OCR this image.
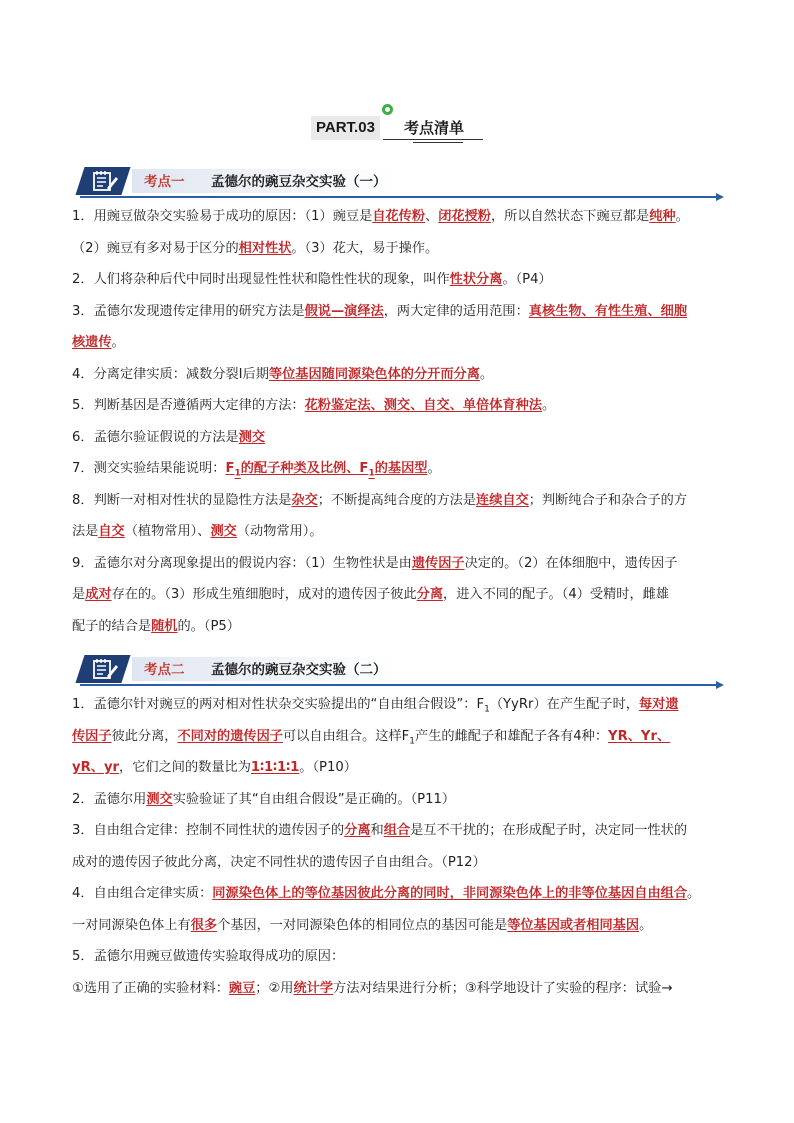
PART.03	考点清单
考点一 孟德尔的豌豆杂交实验（一）

1．用豌豆做杂交实验易于成功的原因：（1）豌豆是自花传粉、闭花授粉，所以自然状态下豌豆都是纯种。

（2）豌豆有多对易于区分的相对性状。（3）花大，易于操作。

2．人们将杂种后代中同时出现显性性状和隐性性状的现象，叫作性状分离。（P4）

3．孟德尔发现遗传定律用的研究方法是假说—演绎法，两大定律的适用范围：真核生物、有性生殖、细胞

核遗传。

4．分离定律实质：减数分裂Ⅰ后期等位基因随同源染色体的分开而分离。

5．判断基因是否遵循两大定律的方法：花粉鉴定法、测交、自交、单倍体育种法。

6．孟德尔验证假说的方法是测交

7．测交实验结果能说明：$F_1$的配子种类及比例、$F_1$的基因型。

8．判断一对相对性状的显隐性方法是杂交；不断提高纯合度的方法是连续自交；判断纯合子和杂合子的方

法是自交（植物常用）、测交（动物常用）。

9．孟德尔对分离现象提出的假说内容：（1）生物性状是由遗传因子决定的。（2）在体细胞中，遗传因子

是成对存在的。（3）形成生殖细胞时，成对的遗传因子彼此分离，进入不同的配子。（4）受精时，雌雄

配子的结合是随机的。（P5）

考点二 孟德尔的豌豆杂交实验（二）

1．孟德尔针对豌豆的两对相对性状杂交实验提出的“自由组合假设”：$F_1(YyRr)$在产生配子时，每对遗

传因子彼此分离，不同对的遗传因子可以自由组合。这样$F_1$产生的雌配子和雄配子各有4种：YR、Yr、

yR、yr，它们之间的数量比为1∶1∶1∶1。（P10）

2．孟德尔用测交实验验证了其“自由组合假设”是正确的。（P11）

3．自由组合定律：控制不同性状的遗传因子的分离和组合是互不干扰的；在形成配子时，决定同一性状的

成对的遗传因子彼此分离，决定不同性状的遗传因子自由组合。（P12）

4．自由组合定律实质：同源染色体上的等位基因彼此分离的同时，非同源染色体上的非等位基因自由组合。

一对同源染色体上有很多个基因，一对同源染色体的相同位点的基因可能是等位基因或者相同基因。

5．孟德尔用豌豆做遗传实验取得成功的原因：

①选用了正确的实验材料：豌豆；②用统计学方法对结果进行分析；③科学地设计了实验的程序：试验→
